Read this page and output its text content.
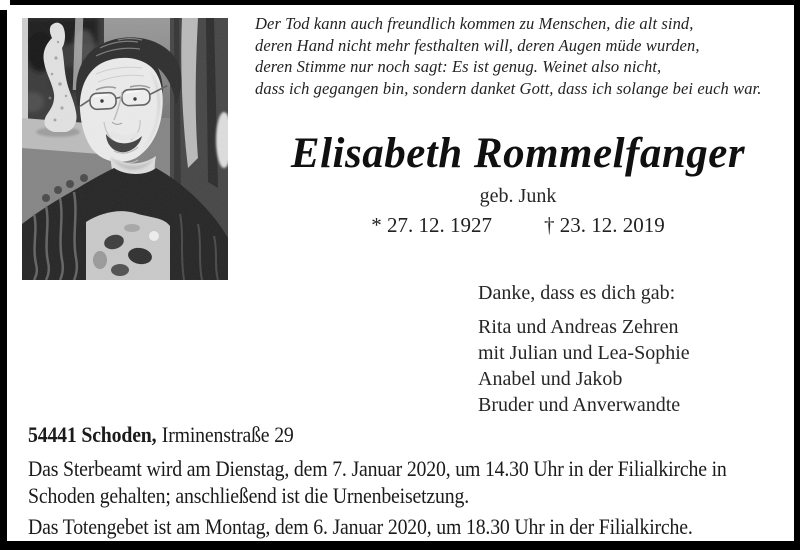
Der Tod kann auch freundlich kommen zu Menschen, die alt sind,
deren Hand nicht mehr festhalten will, deren Augen müde wurden,
deren Stimme nur noch sagt: Es ist genug. Weinet also nicht,
dass ich gegangen bin, sondern danket Gott, dass ich solange bei euch war.
Elisabeth Rommelfanger
geb. Junk
* 27. 12. 1927 † 23. 12. 2019
Danke, dass es dich gab:
Rita und Andreas Zehren
mit Julian und Lea-Sophie
Anabel und Jakob
Bruder und Anverwandte
54441 Schoden, Irminenstraße 29
Das Sterbeamt wird am Dienstag, dem 7. Januar 2020, um 14.30 Uhr in der Filialkirche in
Schoden gehalten; anschließend ist die Urnenbeisetzung.
Das Totengebet ist am Montag, dem 6. Januar 2020, um 18.30 Uhr in der Filialkirche.
